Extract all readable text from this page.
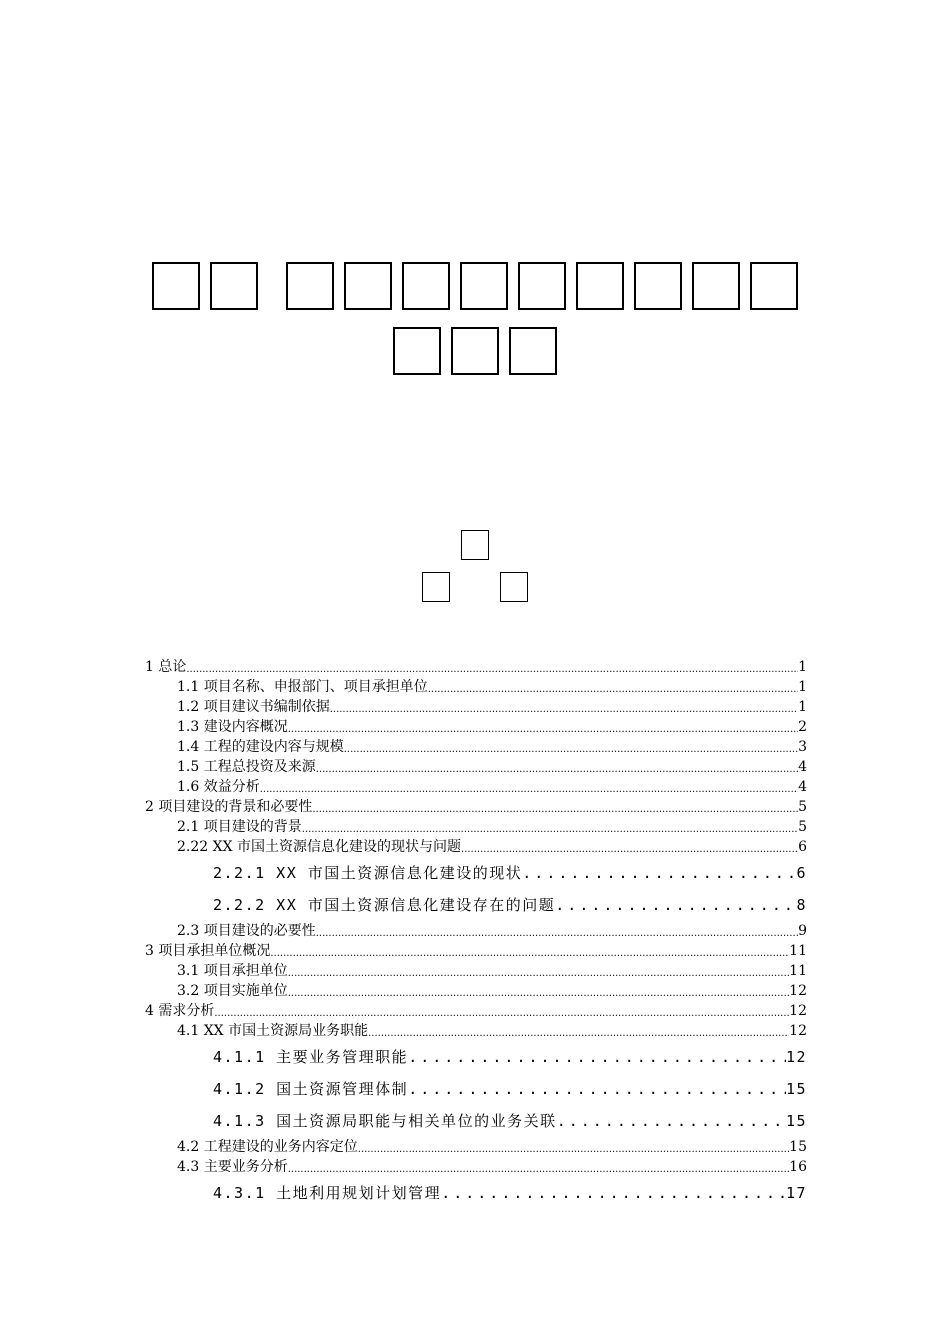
1 总论 .....	1
1.1 项目名称、申报部门、项目承担单位 .....	1
1.2 项目建议书编制依据 .....	1
1.3 建设内容概况 .....	2
1.4 工程的建设内容与规模 .....	3
1.5 工程总投资及来源 .....	4
1.6 效益分析 .....	4
2 项目建设的背景和必要性 .....	5
2.1 项目建设的背景 .....	5
2.22 XX 市国土资源信息化建设的现状与问题 .....	6
2.2.1 XX 市国土资源信息化建设的现状 .....	6
2.2.2 XX 市国土资源信息化建设存在的问题 .....	8
2.3 项目建设的必要性 .....	9
3 项目承担单位概况 .....	11
3.1 项目承担单位 .....	11
3.2 项目实施单位 .....	12
4 需求分析 .....	12
4.1 XX 市国土资源局业务职能 .....	12
4.1.1 主要业务管理职能 .....	12
4.1.2 国土资源管理体制 .....	15
4.1.3 国土资源局职能与相关单位的业务关联 .....	15
4.2 工程建设的业务内容定位 .....	15
4.3 主要业务分析 .....	16
4.3.1 土地利用规划计划管理 .....	17
